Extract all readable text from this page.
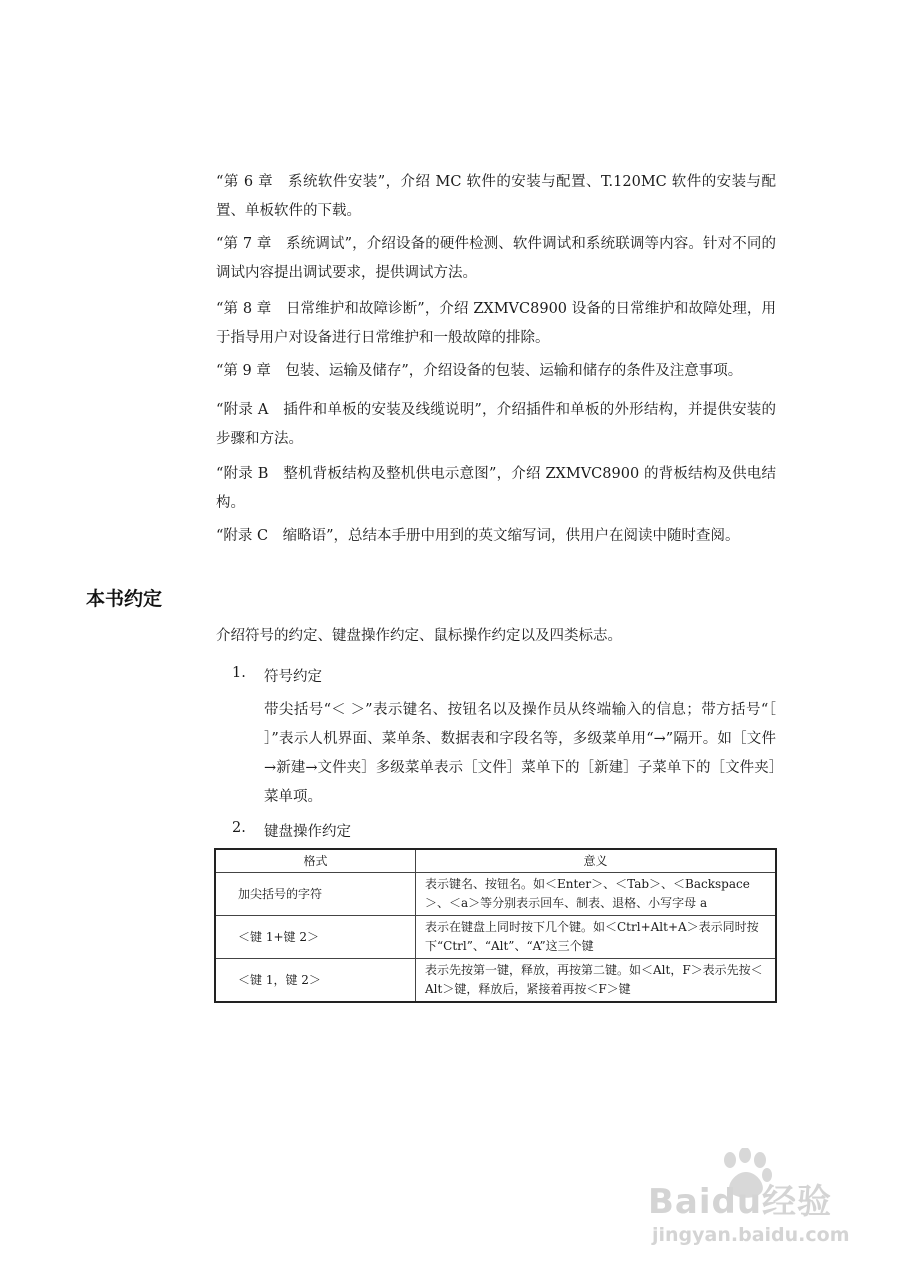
“第 6 章　系统软件安装”，介绍 MC 软件的安装与配置、T.120MC 软件的安装与配置、单板软件的下载。

“第 7 章　系统调试”，介绍设备的硬件检测、软件调试和系统联调等内容。针对不同的调试内容提出调试要求，提供调试方法。

“第 8 章　日常维护和故障诊断”，介绍 ZXMVC8900 设备的日常维护和故障处理，用于指导用户对设备进行日常维护和一般故障的排除。

“第 9 章　包装、运输及储存”，介绍设备的包装、运输和储存的条件及注意事项。

“附录 A　插件和单板的安装及线缆说明”，介绍插件和单板的外形结构，并提供安装的步骤和方法。

“附录 B　整机背板结构及整机供电示意图”，介绍 ZXMVC8900 的背板结构及供电结构。

“附录 C　缩略语”，总结本手册中用到的英文缩写词，供用户在阅读中随时查阅。

本书约定

介绍符号的约定、键盘操作约定、鼠标操作约定以及四类标志。

1. 符号约定

带尖括号“＜ ＞”表示键名、按钮名以及操作员从终端输入的信息；带方括号“［ ］”表示人机界面、菜单条、数据表和字段名等，多级菜单用“→”隔开。如［文件→新建→文件夹］多级菜单表示［文件］菜单下的［新建］子菜单下的［文件夹］菜单项。

2. 键盘操作约定
格式	意义
加尖括号的字符	表示键名、按钮名。如＜Enter＞、＜Tab＞、＜Backspace＞、＜a＞等分别表示回车、制表、退格、小写字母 a
＜键 1+键 2＞	表示在键盘上同时按下几个键。如＜Ctrl+Alt+A＞表示同时按下“Ctrl”、“Alt”、“A”这三个键
＜键 1，键 2＞	表示先按第一键，释放，再按第二键。如＜Alt，F＞表示先按＜Alt＞键，释放后，紧接着再按＜F＞键
Baidu经验
jingyan.baidu.com
